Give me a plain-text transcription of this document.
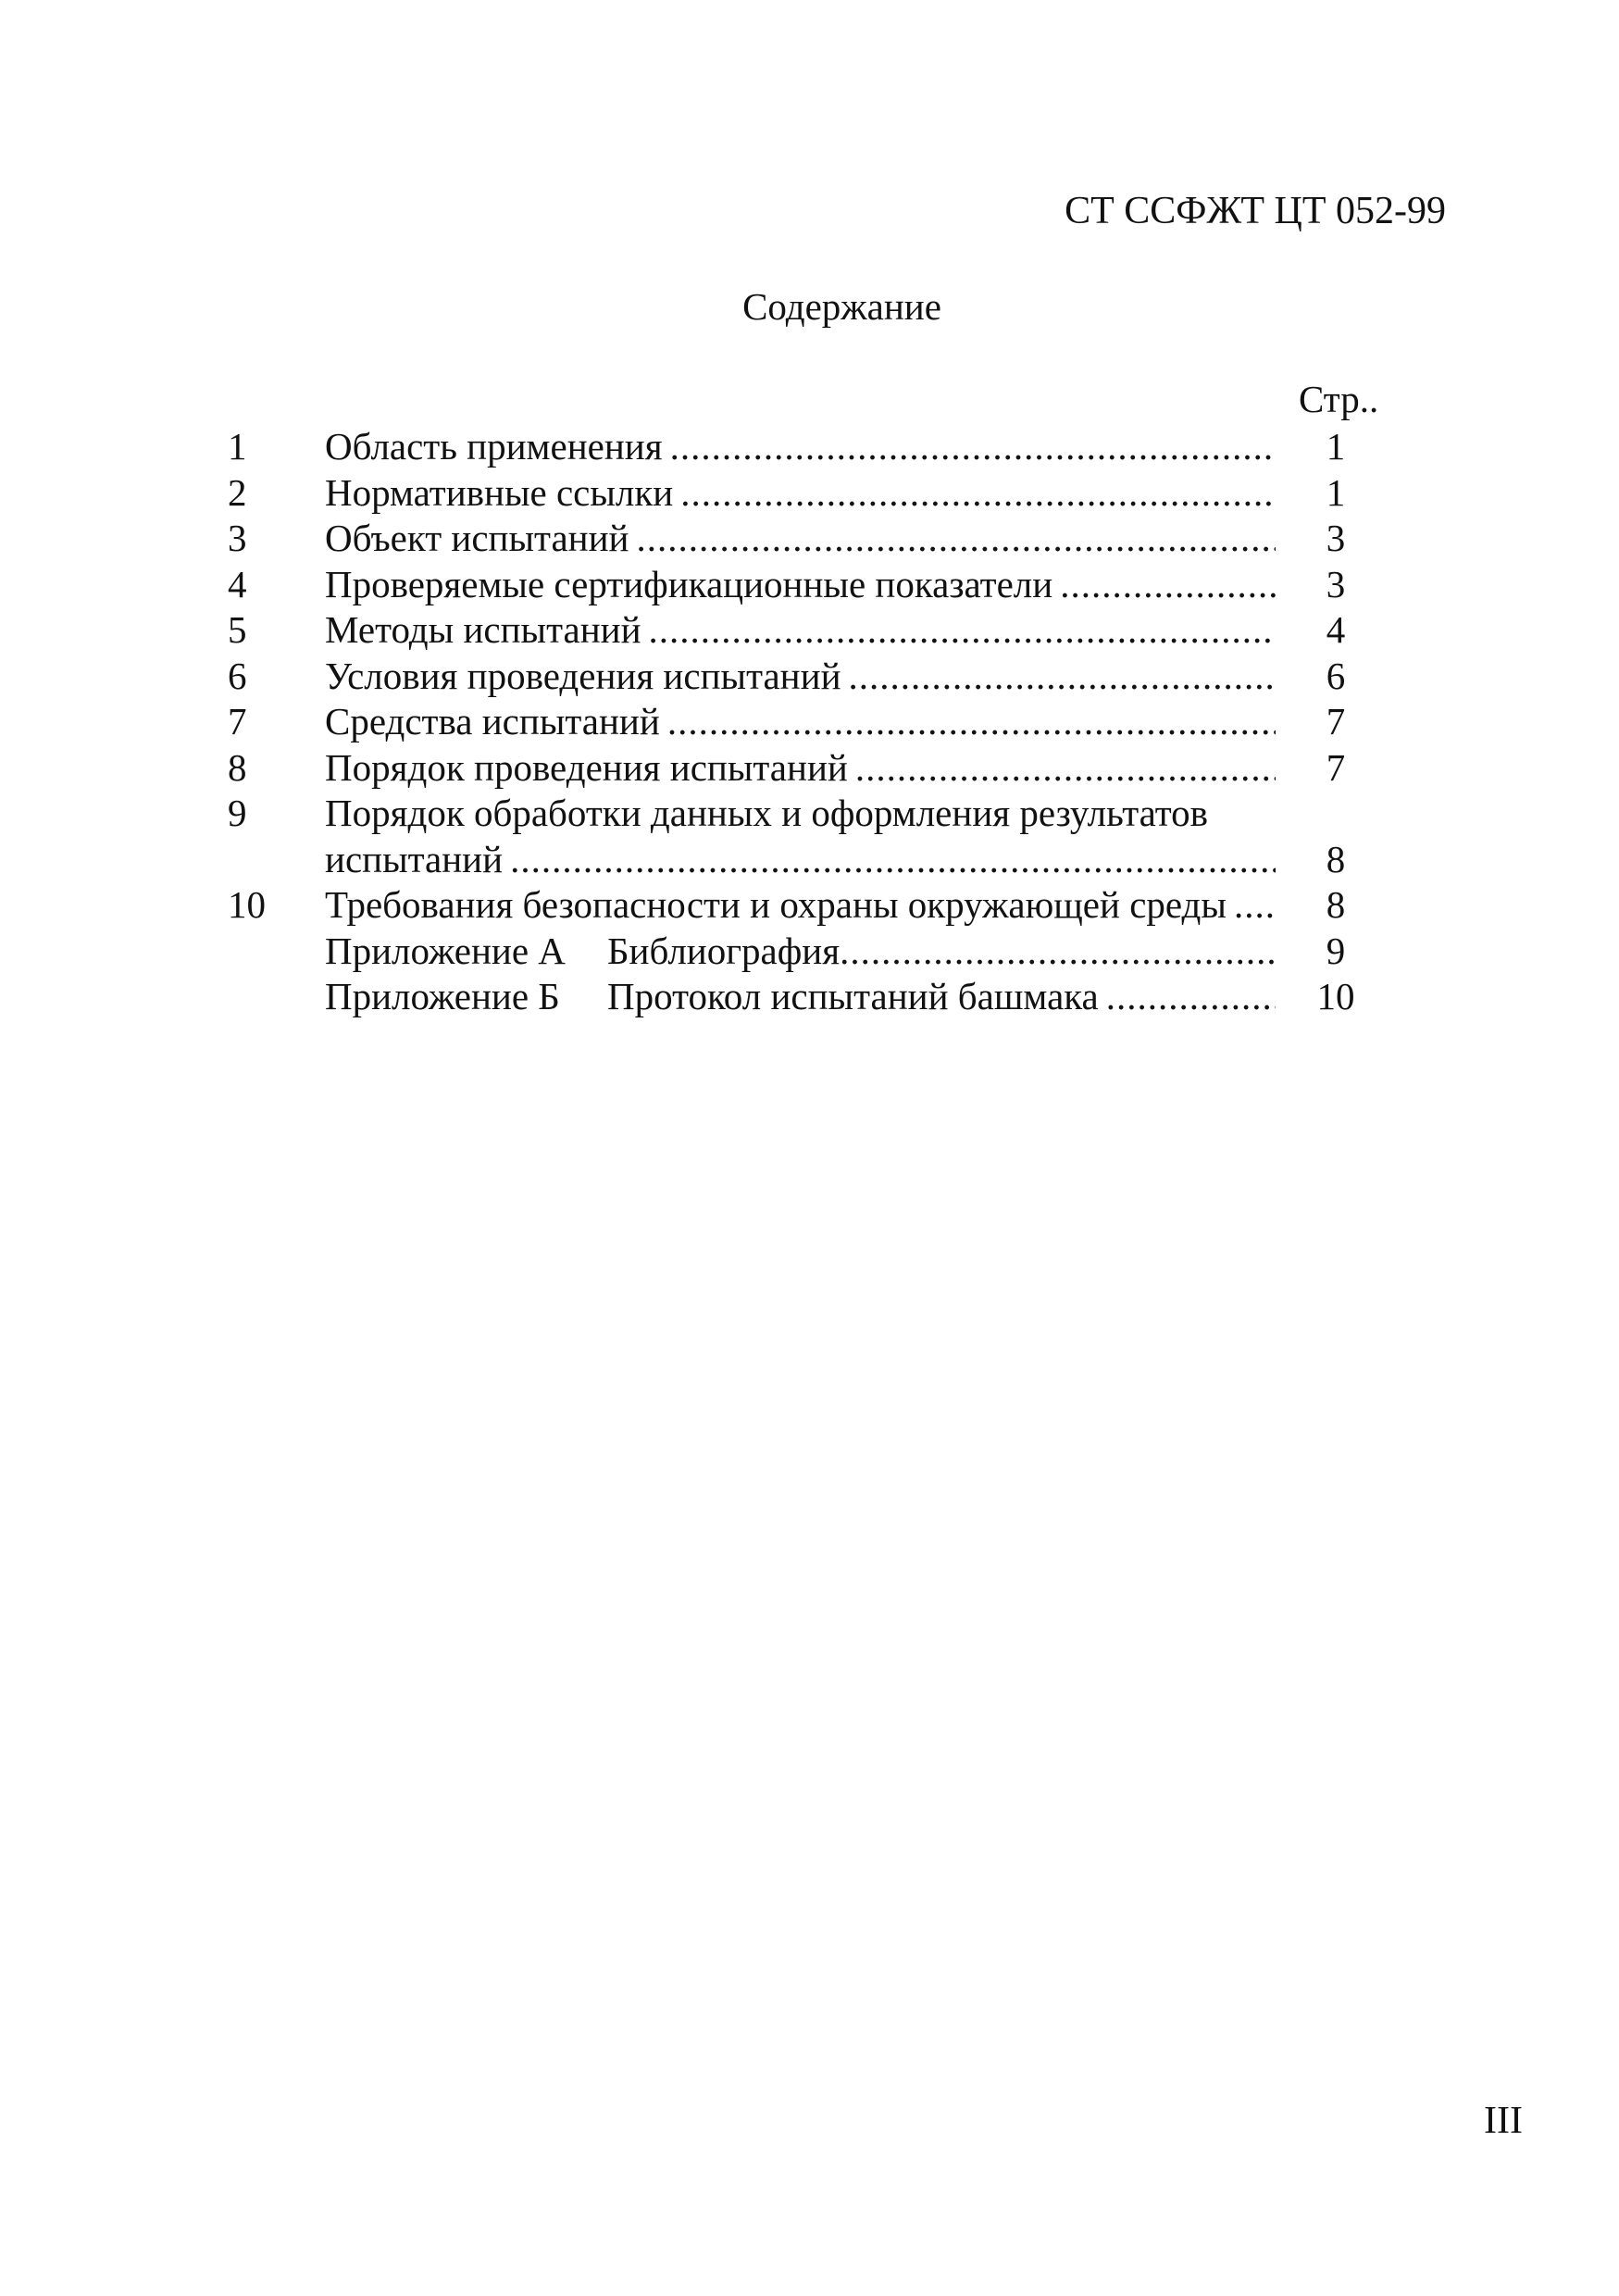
СТ ССФЖТ ЦТ 052-99
Содержание
Стр..
1 Область применения .....	1
2 Нормативные ссылки .....	1
3 Объект испытаний .....	3
4 Проверяемые сертификационные показатели .....	3
5 Методы испытаний .....	4
6 Условия проведения испытаний .....	6
7 Средства испытаний .....	7
8 Порядок проведения испытаний .....	7
9 Порядок обработки данных и оформления результатов
испытаний .....	8
10 Требования безопасности и охраны окружающей среды .....	8
Приложение А Библиография .....	9
Приложение Б Протокол испытаний башмака .....	10
III
